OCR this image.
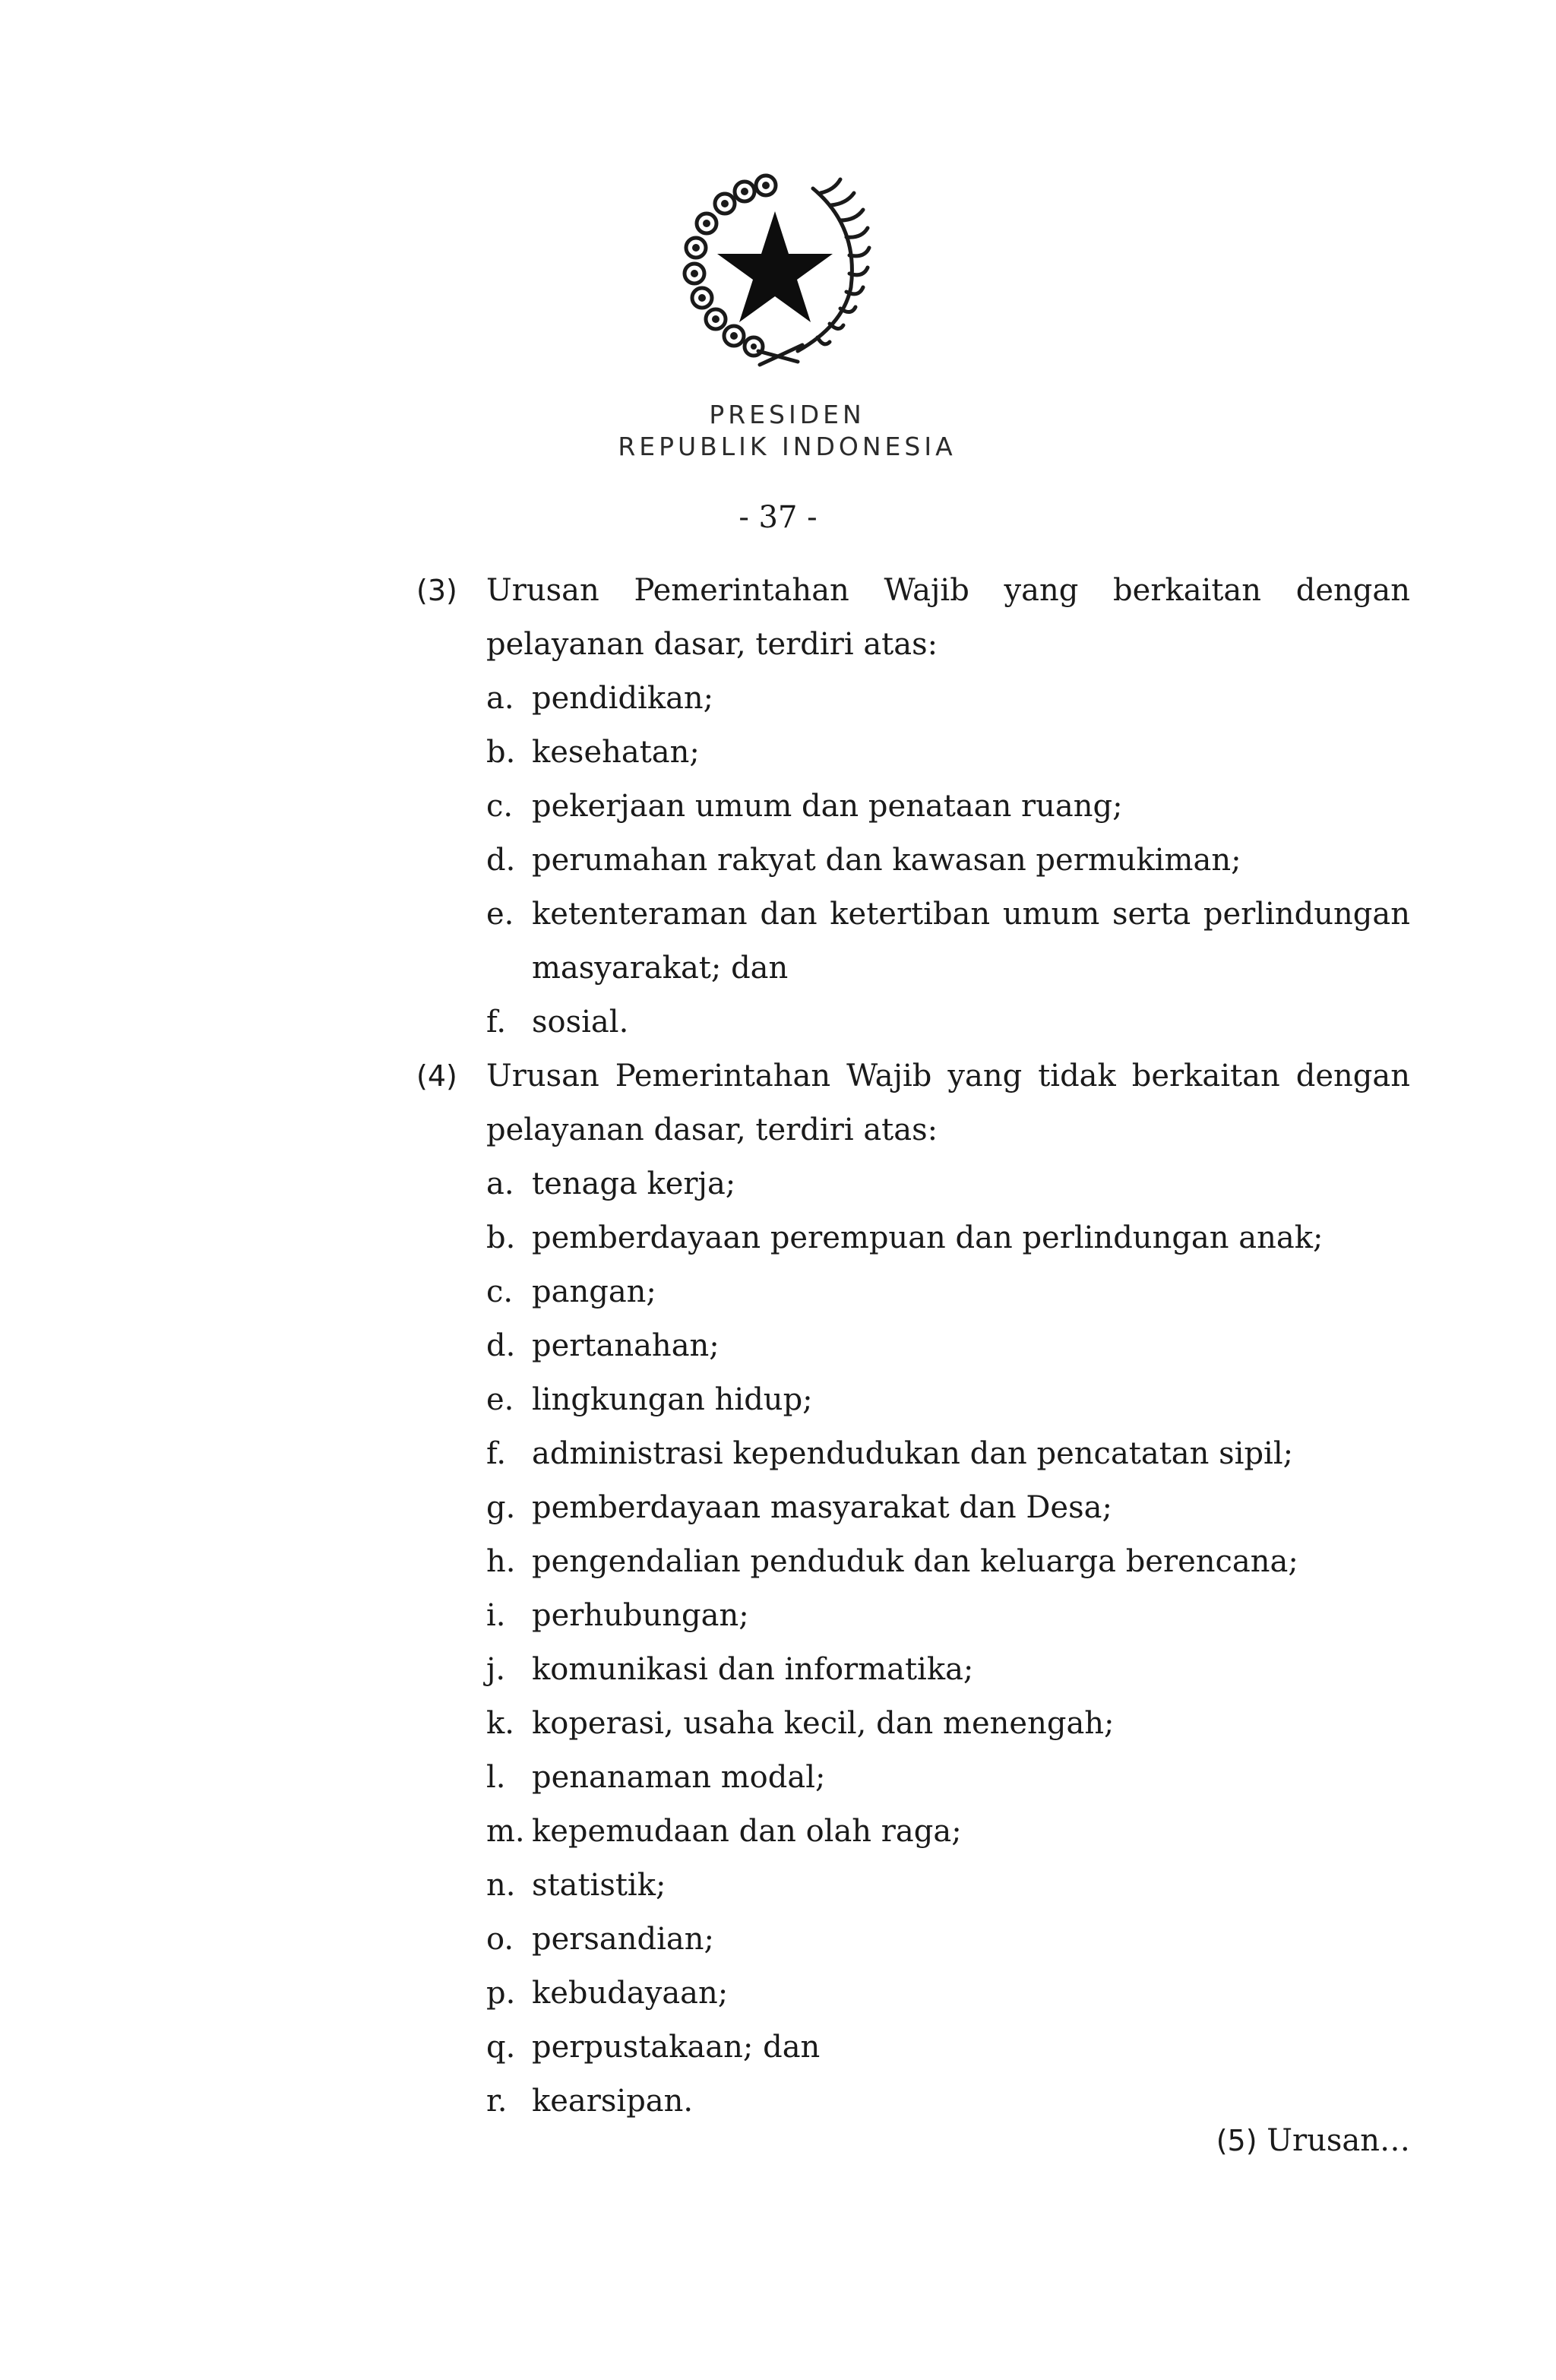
PRESIDEN
REPUBLIK INDONESIA
- 37 -
(3) Urusan Pemerintahan Wajib yang berkaitan dengan
pelayanan dasar, terdiri atas:
a. pendidikan;
b. kesehatan;
c. pekerjaan umum dan penataan ruang;
d. perumahan rakyat dan kawasan permukiman;
e. ketenteraman dan ketertiban umum serta perlindungan masyarakat; dan
f. sosial.
(4) Urusan Pemerintahan Wajib yang tidak berkaitan dengan
pelayanan dasar, terdiri atas:
a. tenaga kerja;
b. pemberdayaan perempuan dan perlindungan anak;
c. pangan;
d. pertanahan;
e. lingkungan hidup;
f. administrasi kependudukan dan pencatatan sipil;
g. pemberdayaan masyarakat dan Desa;
h. pengendalian penduduk dan keluarga berencana;
i. perhubungan;
j. komunikasi dan informatika;
k. koperasi, usaha kecil, dan menengah;
l. penanaman modal;
m. kepemudaan dan olah raga;
n. statistik;
o. persandian;
p. kebudayaan;
q. perpustakaan; dan
r. kearsipan.
(5) Urusan…
